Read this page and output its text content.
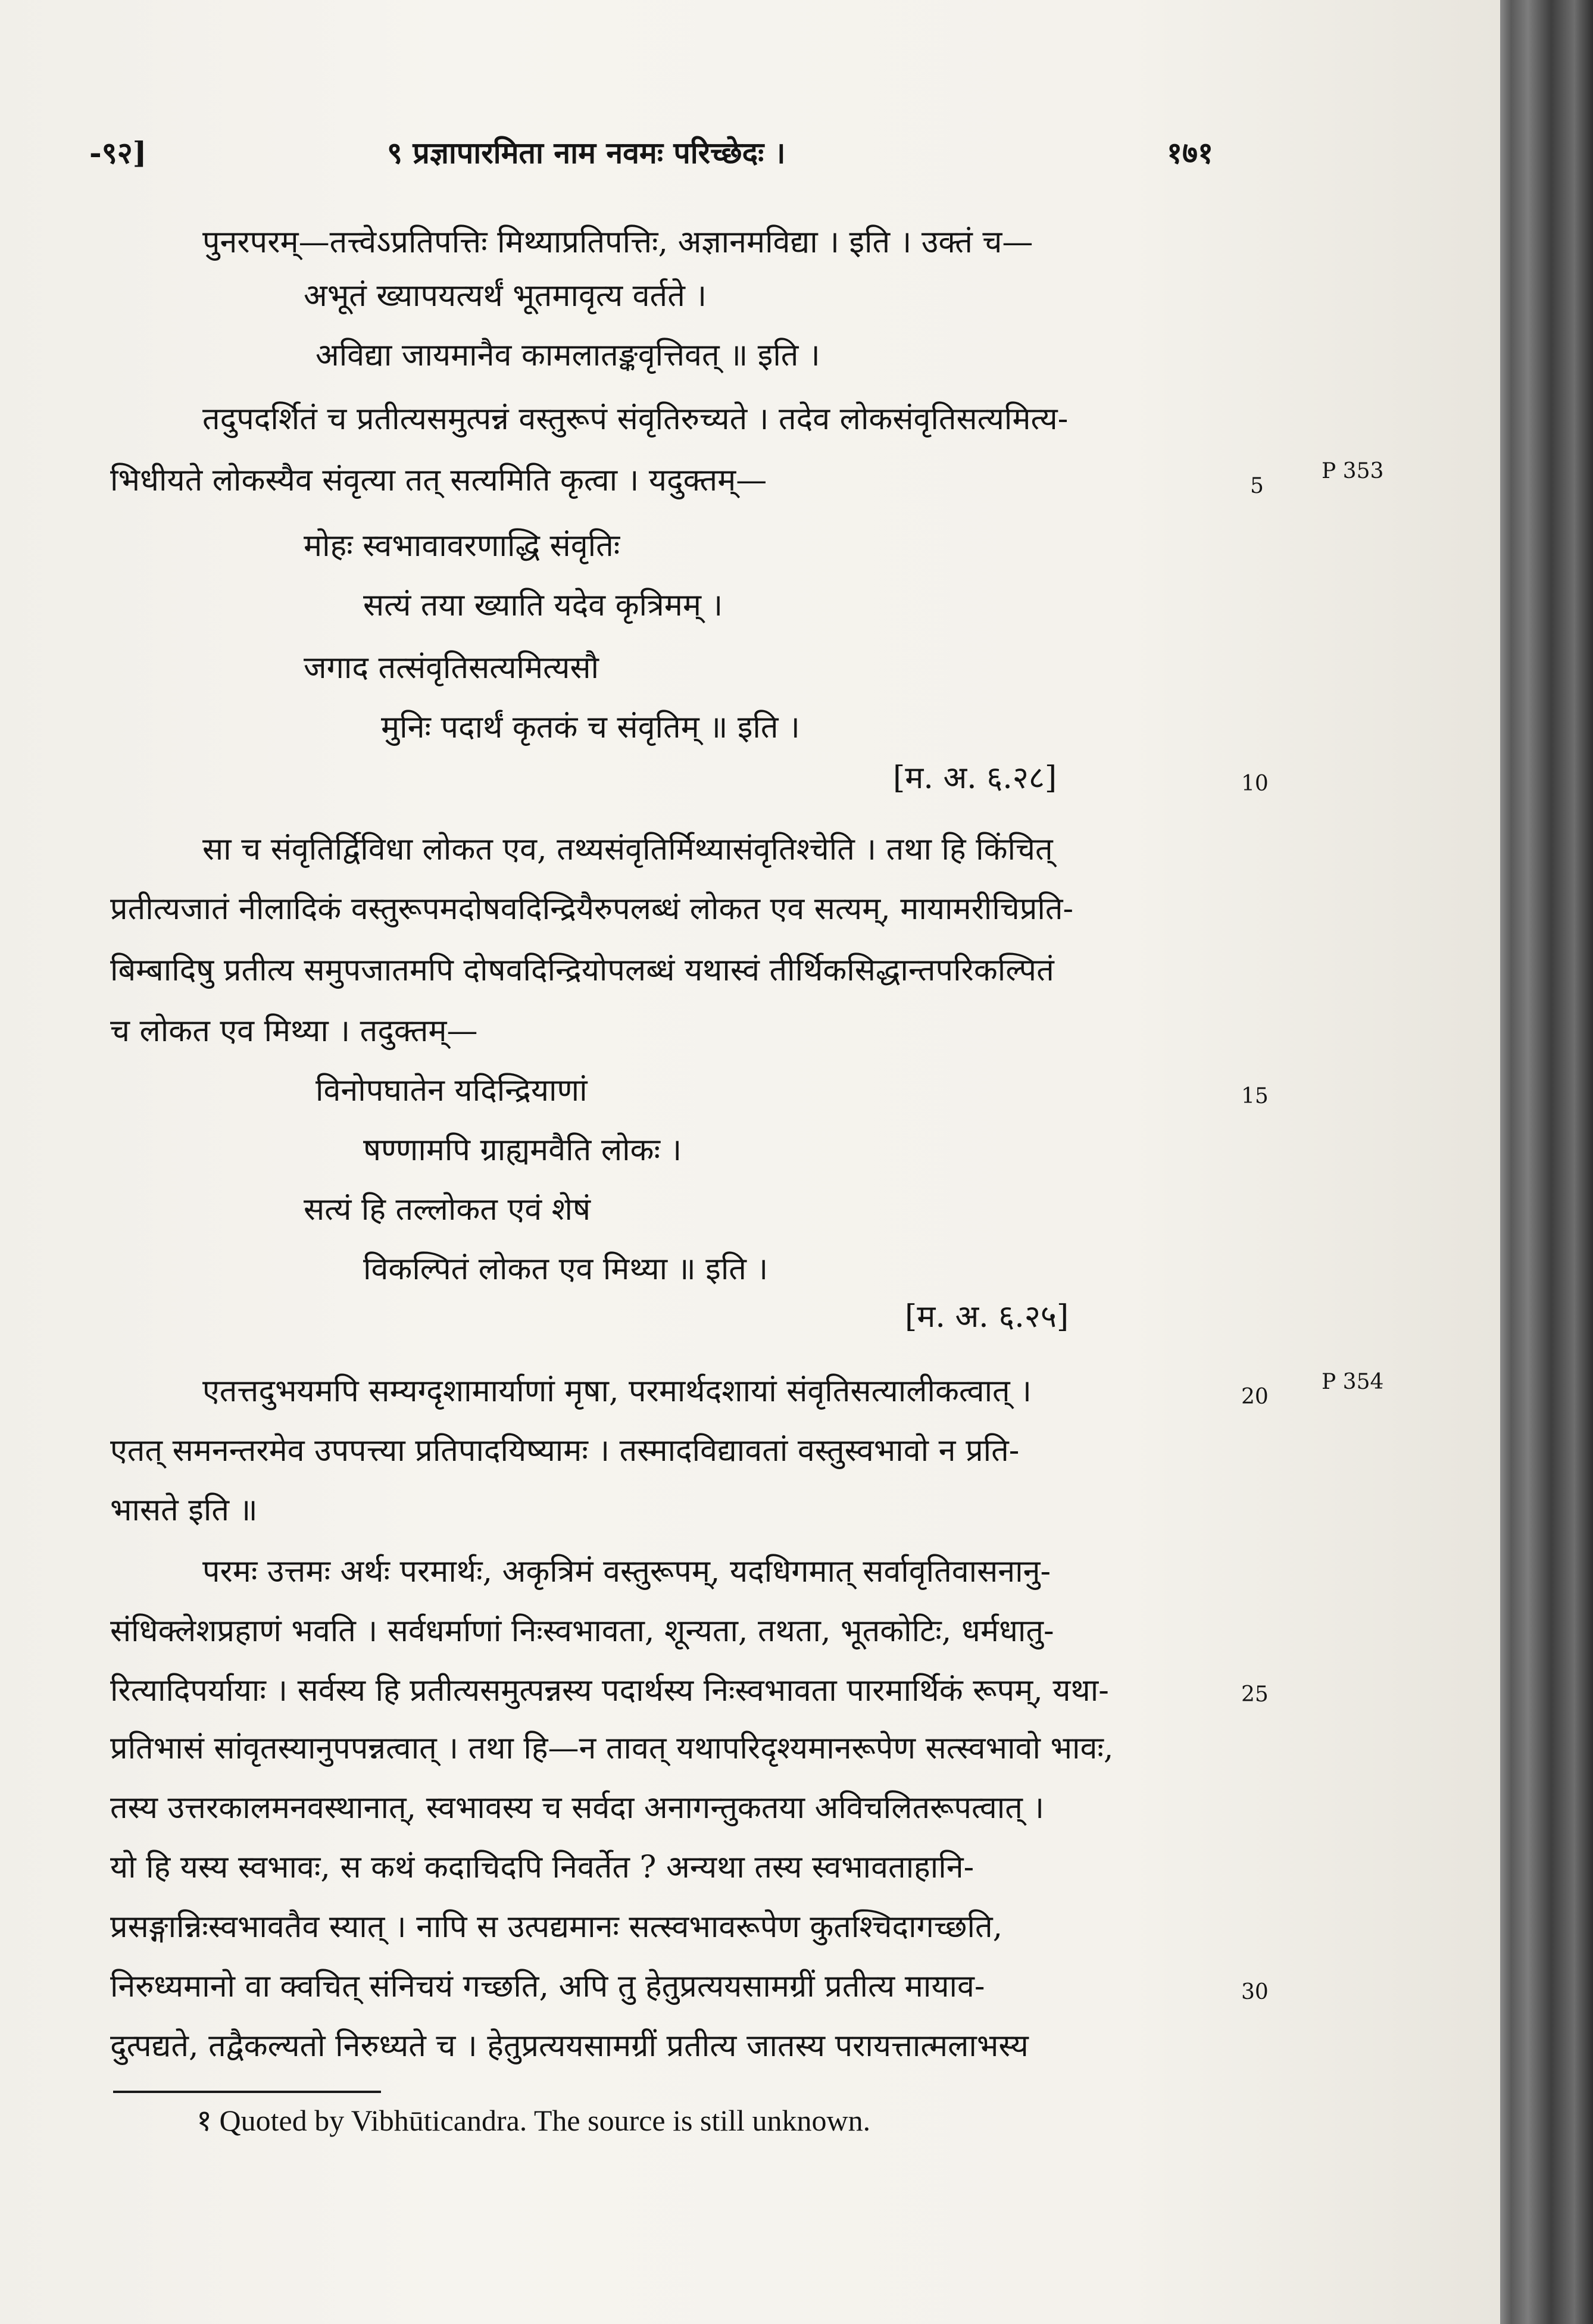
-९२]	९ प्रज्ञापारमिता नाम नवमः परिच्छेदः ।	१७१
पुनरपरम्—तत्त्वेऽप्रतिपत्तिः मिथ्याप्रतिपत्तिः, अज्ञानमविद्या । इति । उक्तं च—
अभूतं ख्यापयत्यर्थं भूतमावृत्य वर्तते ।
अविद्या जायमानैव कामलातङ्कवृत्तिवत् ॥ इति ।
तदुपदर्शितं च प्रतीत्यसमुत्पन्नं वस्तुरूपं संवृतिरुच्यते । तदेव लोकसंवृतिसत्यमित्य-
भिधीयते लोकस्यैव संवृत्या तत् सत्यमिति कृत्वा । यदुक्तम्—
मोहः स्वभावावरणाद्धि संवृतिः
सत्यं तया ख्याति यदेव कृत्रिमम् ।
जगाद तत्संवृतिसत्यमित्यसौ
मुनिः पदार्थं कृतकं च संवृतिम् ॥ इति ।
[म. अ. ६.२८]
सा च संवृतिर्द्विविधा लोकत एव, तथ्यसंवृतिर्मिथ्यासंवृतिश्चेति । तथा हि किंचित्
प्रतीत्यजातं नीलादिकं वस्तुरूपमदोषवदिन्द्रियैरुपलब्धं लोकत एव सत्यम्, मायामरीचिप्रति-
बिम्बादिषु प्रतीत्य समुपजातमपि दोषवदिन्द्रियोपलब्धं यथास्वं तीर्थिकसिद्धान्तपरिकल्पितं
च लोकत एव मिथ्या । तदुक्तम्—
विनोपघातेन यदिन्द्रियाणां
षण्णामपि ग्राह्यमवैति लोकः ।
सत्यं हि तल्लोकत एवं शेषं
विकल्पितं लोकत एव मिथ्या ॥ इति ।
[म. अ. ६.२५]
एतत्तदुभयमपि सम्यग्दृशामार्याणां मृषा, परमार्थदशायां संवृतिसत्यालीकत्वात् ।
एतत् समनन्तरमेव उपपत्त्या प्रतिपादयिष्यामः । तस्मादविद्यावतां वस्तुस्वभावो न प्रति-
भासते इति ॥
परमः उत्तमः अर्थः परमार्थः, अकृत्रिमं वस्तुरूपम्, यदधिगमात् सर्वावृतिवासनानु-
संधिक्लेशप्रहाणं भवति । सर्वधर्माणां निःस्वभावता, शून्यता, तथता, भूतकोटिः, धर्मधातु-
रित्यादिपर्यायाः । सर्वस्य हि प्रतीत्यसमुत्पन्नस्य पदार्थस्य निःस्वभावता पारमार्थिकं रूपम्, यथा-
प्रतिभासं सांवृतस्यानुपपन्नत्वात् । तथा हि—न तावत् यथापरिदृश्यमानरूपेण सत्स्वभावो भावः,
तस्य उत्तरकालमनवस्थानात्, स्वभावस्य च सर्वदा अनागन्तुकतया अविचलितरूपत्वात् ।
यो हि यस्य स्वभावः, स कथं कदाचिदपि निवर्तेत ? अन्यथा तस्य स्वभावताहानि-
प्रसङ्गान्निःस्वभावतैव स्यात् । नापि स उत्पद्यमानः सत्स्वभावरूपेण कुतश्चिदागच्छति,
निरुध्यमानो वा क्वचित् संनिचयं गच्छति, अपि तु हेतुप्रत्ययसामग्रीं प्रतीत्य मायाव-
दुत्पद्यते, तद्वैकल्यतो निरुध्यते च । हेतुप्रत्ययसामग्रीं प्रतीत्य जातस्य परायत्तात्मलाभस्य
5
10
15
20
25
30
P 353
P 354
१ Quoted by Vibhūticandra. The source is still unknown.
